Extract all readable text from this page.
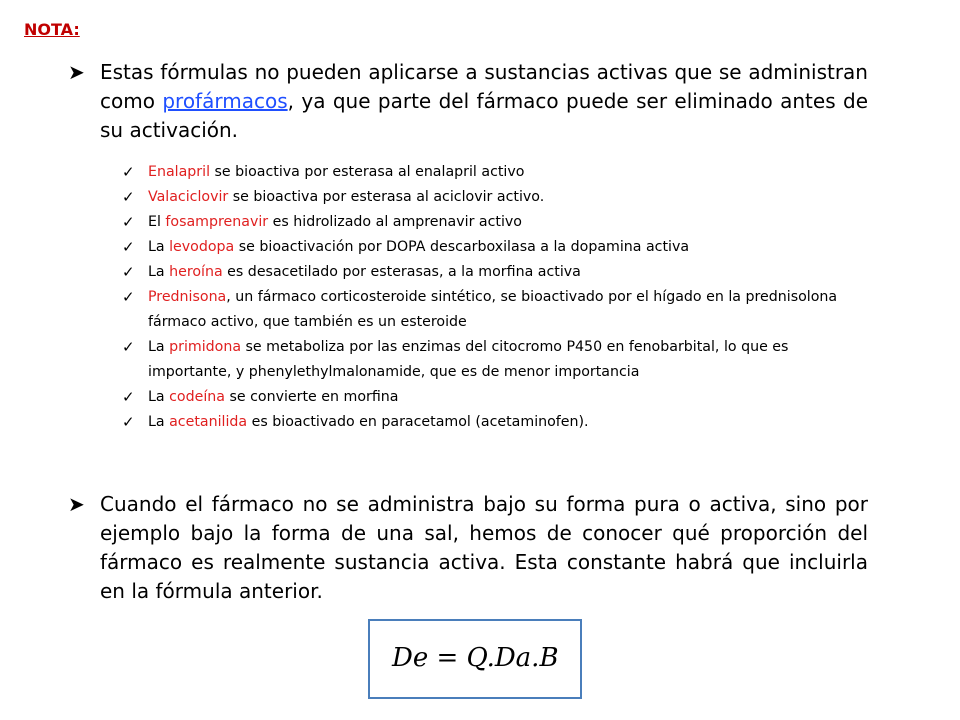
NOTA:
➤ Estas fórmulas no pueden aplicarse a sustancias activas que se administran como profármacos, ya que parte del fármaco puede ser eliminado antes de su activación.
✓ Enalapril se bioactiva por esterasa al enalapril activo
✓ Valaciclovir se bioactiva por esterasa al aciclovir activo.
✓ El fosamprenavir es hidrolizado al amprenavir activo
✓ La levodopa se bioactivación por DOPA descarboxilasa a la dopamina activa
✓ La heroína es desacetilado por esterasas, a la morfina activa
✓ Prednisona, un fármaco corticosteroide sintético, se bioactivado por el hígado en la prednisolona fármaco activo, que también es un esteroide
✓ La primidona se metaboliza por las enzimas del citocromo P450 en fenobarbital, lo que es importante, y phenylethylmalonamide, que es de menor importancia
✓ La codeína se convierte en morfina
✓ La acetanilida es bioactivado en paracetamol (acetaminofen).
➤ Cuando el fármaco no se administra bajo su forma pura o activa, sino por ejemplo bajo la forma de una sal, hemos de conocer qué proporción del fármaco es realmente sustancia activa. Esta constante habrá que incluirla en la fórmula anterior.
De = Q.Da.B
